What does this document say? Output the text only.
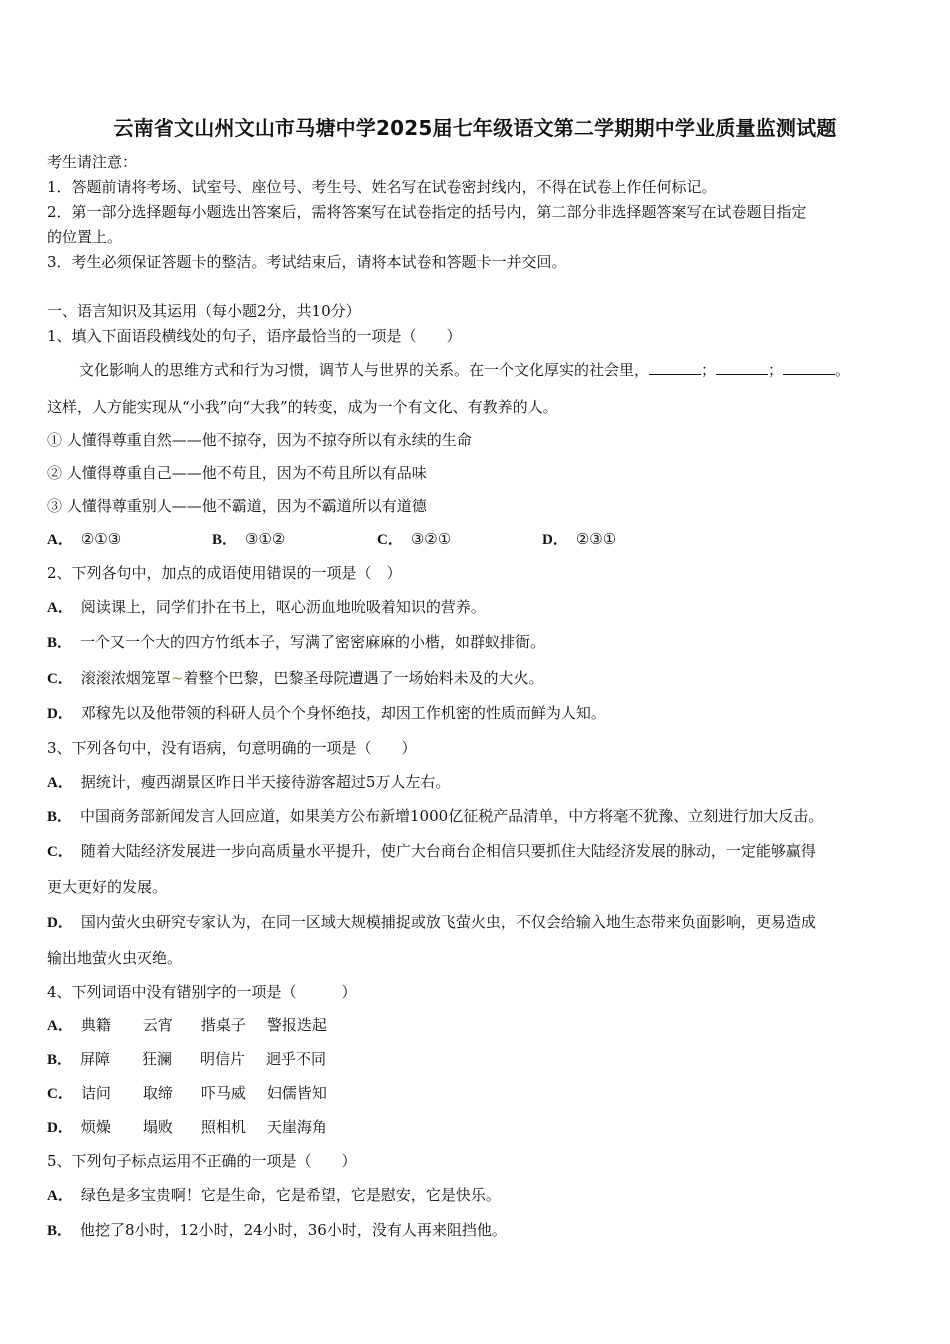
云南省文山州文山市马塘中学2025届七年级语文第二学期期中学业质量监测试题
考生请注意：
1．答题前请将考场、试室号、座位号、考生号、姓名写在试卷密封线内，不得在试卷上作任何标记。
2．第一部分选择题每小题选出答案后，需将答案写在试卷指定的括号内，第二部分非选择题答案写在试卷题目指定
的位置上。
3．考生必须保证答题卡的整洁。考试结束后，请将本试卷和答题卡一并交回。
一、语言知识及其运用（每小题2分，共10分）
1、填入下面语段横线处的句子，语序最恰当的一项是（　　）
文化影响人的思维方式和行为习惯，调节人与世界的关系。在一个文化厚实的社会里，	；	；	。
这样，人方能实现从“小我”向“大我”的转变，成为一个有文化、有教养的人。
① 人懂得尊重自然——他不掠夺，因为不掠夺所以有永续的生命
② 人懂得尊重自己——他不苟且，因为不苟且所以有品味
③ 人懂得尊重别人——他不霸道，因为不霸道所以有道德
A． ②①③	B． ③①②	C． ③②①	D． ②③①
2、下列各句中，加点的成语使用错误的一项是（　）
A． 阅读课上，同学们扑在书上，呕心沥血地吮吸着知识的营养。
B． 一个又一个大的四方竹纸本子，写满了密密麻麻的小楷，如群蚁排衙。
C． 滚滚浓烟笼罩~着整个巴黎，巴黎圣母院遭遇了一场始料未及的大火。
D． 邓稼先以及他带领的科研人员个个身怀绝技，却因工作机密的性质而鲜为人知。
3、下列各句中，没有语病，句意明确的一项是（　　）
A． 据统计，瘦西湖景区昨日半天接待游客超过5万人左右。
B． 中国商务部新闻发言人回应道，如果美方公布新增1000亿征税产品清单，中方将毫不犹豫、立刻进行加大反击。
C． 随着大陆经济发展进一步向高质量水平提升，使广大台商台企相信只要抓住大陆经济发展的脉动，一定能够赢得
更大更好的发展。
D． 国内萤火虫研究专家认为，在同一区域大规模捕捉或放飞萤火虫，不仅会给输入地生态带来负面影响，更易造成
输出地萤火虫灭绝。
4、下列词语中没有错别字的一项是（　　　）
A． 典籍 云宵 揩桌子 警报迭起
B． 屏障 狂澜 明信片 迥乎不同
C． 诘问 取缔 吓马威 妇儒皆知
D． 烦燥 塌败 照相机 天崖海角
5、下列句子标点运用不正确的一项是（　　）
A． 绿色是多宝贵啊！它是生命，它是希望，它是慰安，它是快乐。
B． 他挖了8小时，12小时，24小时，36小时，没有人再来阻挡他。
